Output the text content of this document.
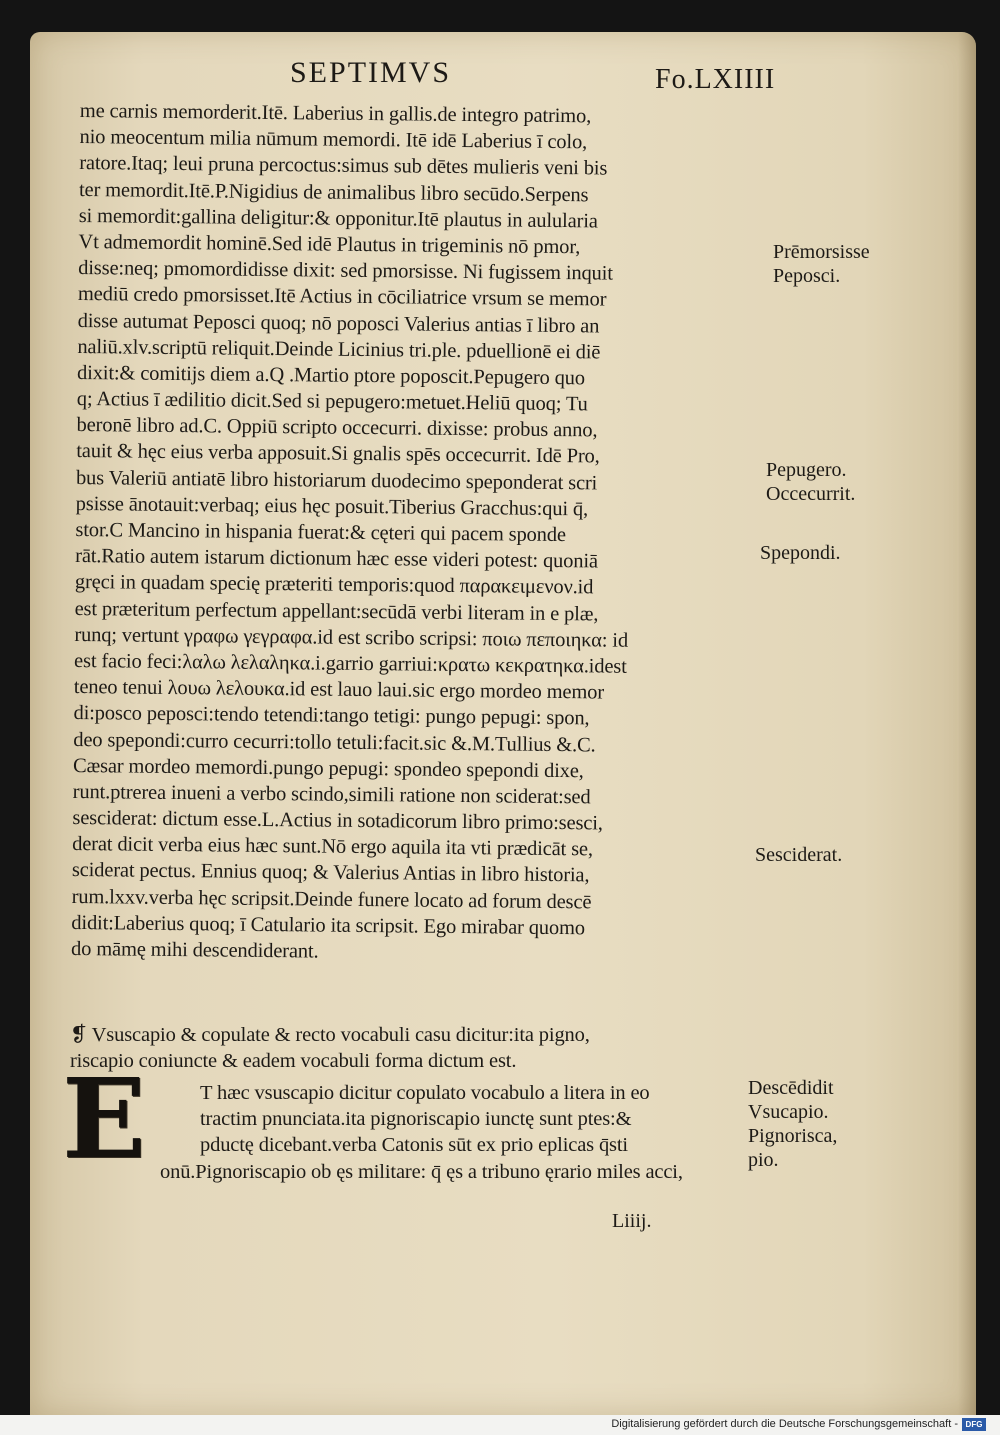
SEPTIMVS	Fo.LXIIII
me carnis memorderit.Itē. Laberius in gallis.de integro patrimo,
nio meocentum milia nūmum memordi. Itē idē Laberius ī colo,
ratore.Itaq; leui pruna percoctus:simus sub dētes mulieris veni bis
ter memordit.Itē.P.Nigidius de animalibus libro secūdo.Serpens
si memordit:gallina deligitur:& opponitur.Itē plautus in aulularia
Vt admemordit hominē.Sed idē Plautus in trigeminis nō pmor,
disse:neq; pmomordidisse dixit: sed pmorsisse. Ni fugissem inquit
mediū credo pmorsisset.Itē Actius in cōciliatrice vrsum se memor
disse autumat Peposci quoq; nō poposci Valerius antias ī libro an
naliū.xlv.scriptū reliquit.Deinde Licinius tri.ple. pduellionē ei diē
dixit:& comitijs diem a.Q .Martio ptore poposcit.Pepugero quo
q; Actius ī ædilitio dicit.Sed si pepugero:metuet.Heliū quoq; Tu
beronē libro ad.C. Oppiū scripto occecurri. dixisse: probus anno,
tauit & hęc eius verba apposuit.Si gnalis spēs occecurrit. Idē Pro,
bus Valeriū antiatē libro historiarum duodecimo speponderat scri
psisse ānotauit:verbaq; eius hęc posuit.Tiberius Gracchus:qui q̄,
stor.C Mancino in hispania fuerat:& cęteri qui pacem sponde
rāt.Ratio autem istarum dictionum hæc esse videri potest: quoniā
gręci in quadam specię præteriti temporis:quod παρακειμενον.id
est præteritum perfectum appellant:secūdā verbi literam in e plæ,
runq; vertunt γραφω γεγραφα.id est scribo scripsi: ποιω πεποιηκα: id
est facio feci:λαλω λελαληκα.i.garrio garriui:κρατω κεκρατηκα.idest
teneo tenui λουω λελουκα.id est lauo laui.sic ergo mordeo memor
di:posco peposci:tendo tetendi:tango tetigi: pungo pepugi: spon,
deo spepondi:curro cecurri:tollo tetuli:facit.sic &.M.Tullius &.C.
Cæsar mordeo memordi.pungo pepugi: spondeo spepondi dixe,
runt.ptrerea inueni a verbo scindo,simili ratione non sciderat:sed
sesciderat: dictum esse.L.Actius in sotadicorum libro primo:sesci,
derat dicit verba eius hæc sunt.Nō ergo aquila ita vti prædicāt se,
sciderat pectus. Ennius quoq; & Valerius Antias in libro historia,
rum.lxxv.verba hęc scripsit.Deinde funere locato ad forum descē
didit:Laberius quoq; ī Catulario ita scripsit. Ego mirabar quomo
do māmę mihi descendiderant.
❡ Vsuscapio & copulate & recto vocabuli casu dicitur:ita pigno,
riscapio coniuncte & eadem vocabuli forma dictum est.
E	T hæc vsuscapio dicitur copulato vocabulo a litera in eo
tractim pnunciata.ita pignoriscapio iunctę sunt ptes:&
pductę dicebant.verba Catonis sūt ex prio eplicas q̄sti
onū.Pignoriscapio ob ęs militare: q̄ ęs a tribuno ęrario miles acci,
Liiij.
Prēmorsisse
Peposci.
Pepugero.
Occecurrit.
Spepondi.
Sesciderat.
Descēdidit
Vsucapio.
Pignorisca,
pio.
Digitalisierung gefördert durch die Deutsche Forschungsgemeinschaft - DFG
